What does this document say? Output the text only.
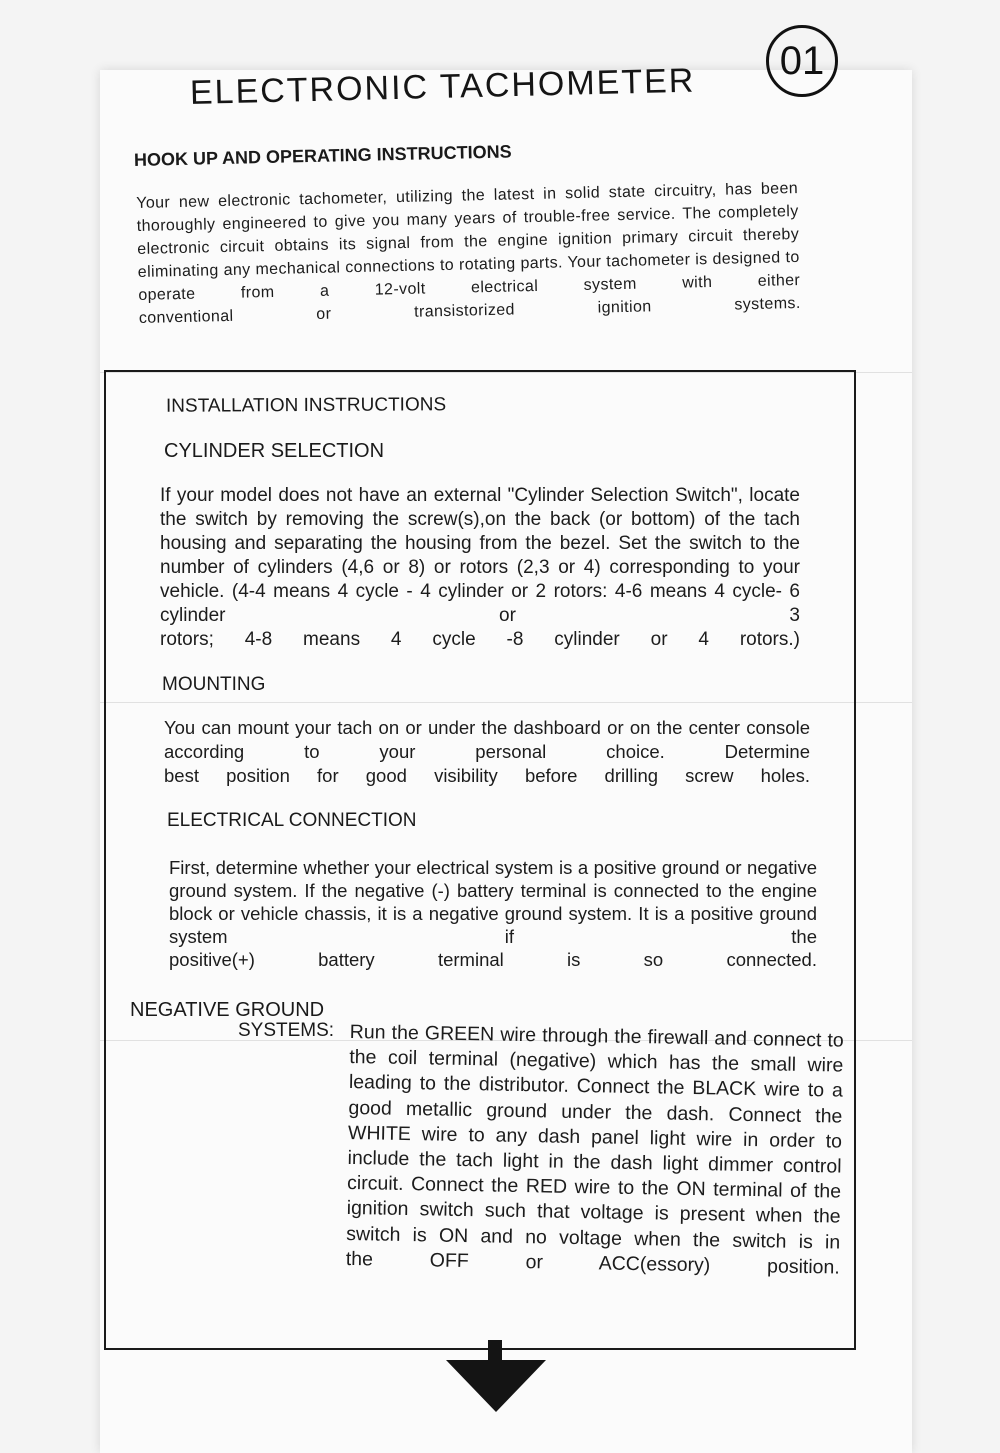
01
ELECTRONIC TACHOMETER
HOOK UP AND OPERATING INSTRUCTIONS
Your new electronic tachometer, utilizing the latest in solid state circuitry, has been thoroughly engineered to give you many years of trouble-free service. The completely electronic circuit obtains its signal from the engine ignition primary circuit thereby eliminating any mechanical connections to rotating parts. Your tachometer is designed to operate from a 12-volt electrical system with either
conventional or transistorized ignition systems.
INSTALLATION INSTRUCTIONS
CYLINDER SELECTION
If your model does not have an external "Cylinder Selection Switch", locate the switch by removing the screw(s),on the back (or bottom) of the tach housing and separating the housing from the bezel. Set the switch to the number of cylinders (4,6 or 8) or rotors (2,3 or 4) corresponding to your vehicle. (4-4 means 4 cycle - 4 cylinder or 2 rotors: 4-6 means 4 cycle- 6 cylinder or 3
rotors; 4-8 means 4 cycle -8 cylinder or 4 rotors.)
MOUNTING
You can mount your tach on or under the dashboard or on the center console according to your personal choice. Determine
best position for good visibility before drilling screw holes.
ELECTRICAL CONNECTION
First, determine whether your electrical system is a positive ground or negative ground system. If the negative (-) battery terminal is connected to the engine block or vehicle chassis, it is a negative ground system. It is a positive ground system if the
positive(+) battery terminal is so connected.
NEGATIVE GROUND
SYSTEMS: Run the GREEN wire through the firewall and connect to the coil terminal (negative) which has the small wire leading to the distributor. Connect the BLACK wire to a good metallic ground under the dash. Connect the WHITE wire to any dash panel light wire in order to include the tach light in the dash light dimmer control circuit. Connect the RED wire to the ON terminal of the ignition switch such that voltage is present when the switch is ON and no voltage when the switch is in
the OFF or ACC(essory) position.
